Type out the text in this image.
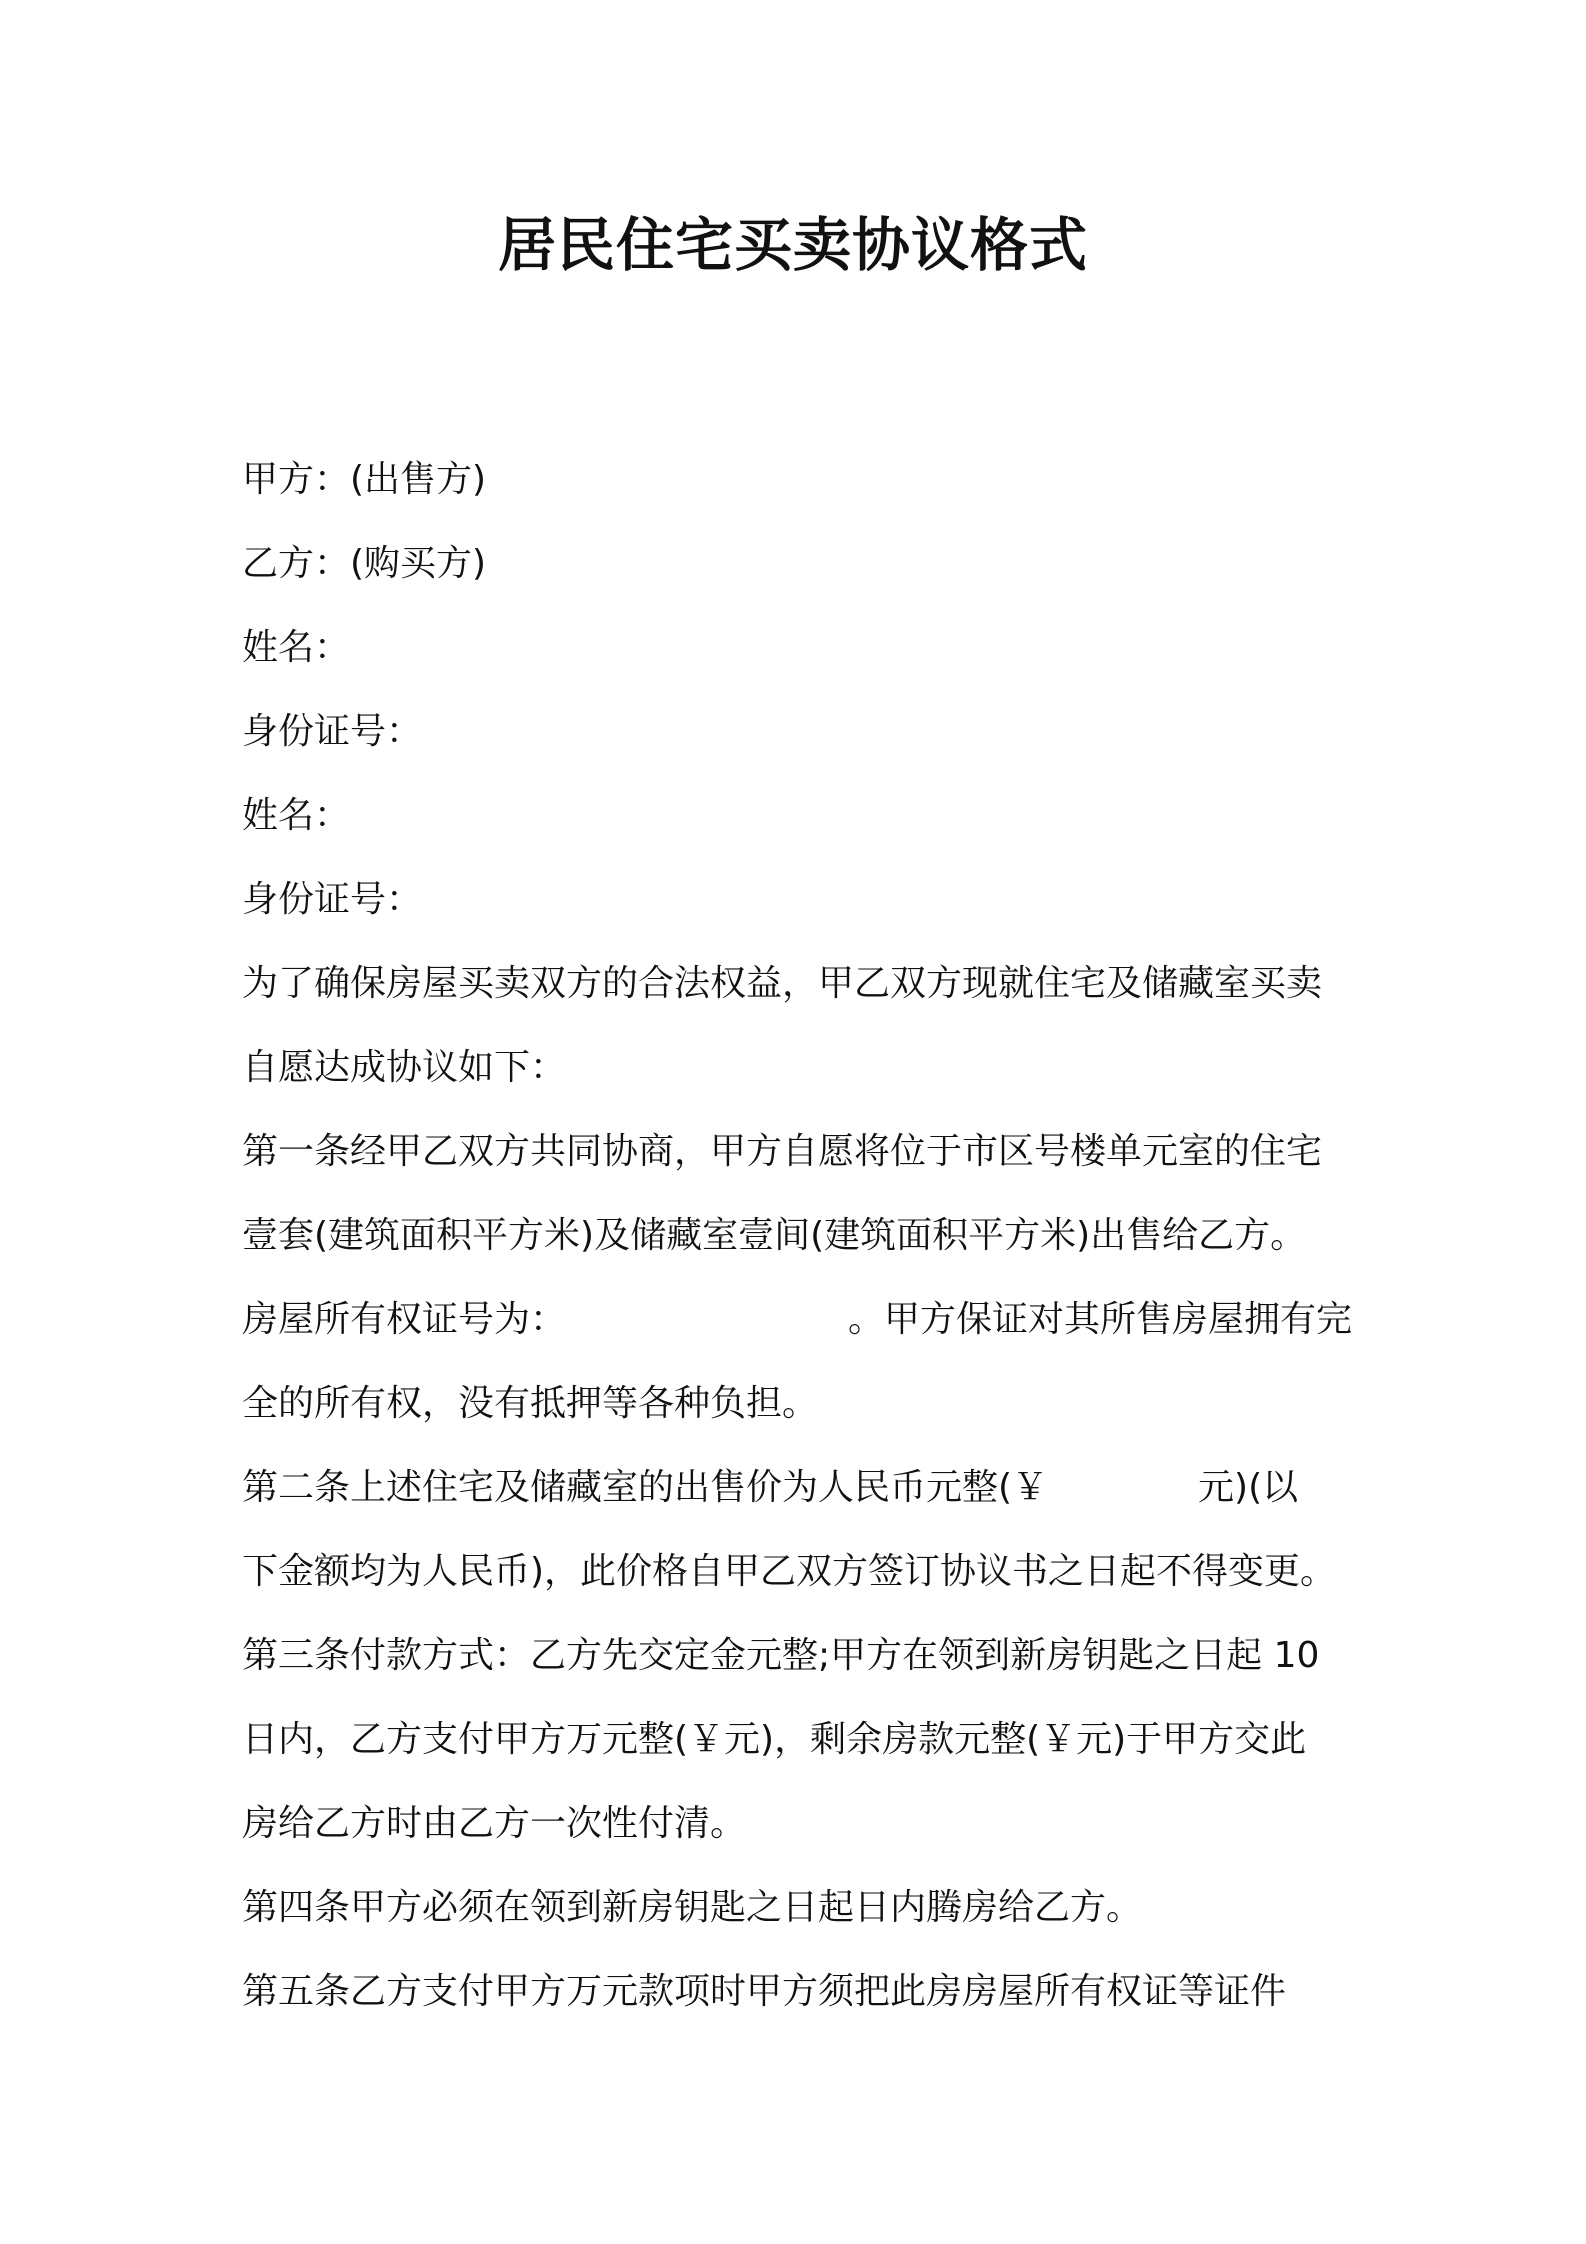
居民住宅买卖协议格式
甲方：(出售方)
乙方：(购买方)
姓名：
身份证号：
姓名：
身份证号：
为了确保房屋买卖双方的合法权益，甲乙双方现就住宅及储藏室买卖
自愿达成协议如下：
第一条经甲乙双方共同协商，甲方自愿将位于市区号楼单元室的住宅
壹套(建筑面积平方米)及储藏室壹间(建筑面积平方米)出售给乙方。
房屋所有权证号为：	。甲方保证对其所售房屋拥有完
全的所有权，没有抵押等各种负担。
第二条上述住宅及储藏室的出售价为人民币元整(￥	元)(以
下金额均为人民币)，此价格自甲乙双方签订协议书之日起不得变更。
第三条付款方式：乙方先交定金元整;甲方在领到新房钥匙之日起 10
日内，乙方支付甲方万元整(￥元)，剩余房款元整(￥元)于甲方交此
房给乙方时由乙方一次性付清。
第四条甲方必须在领到新房钥匙之日起日内腾房给乙方。
第五条乙方支付甲方万元款项时甲方须把此房房屋所有权证等证件
